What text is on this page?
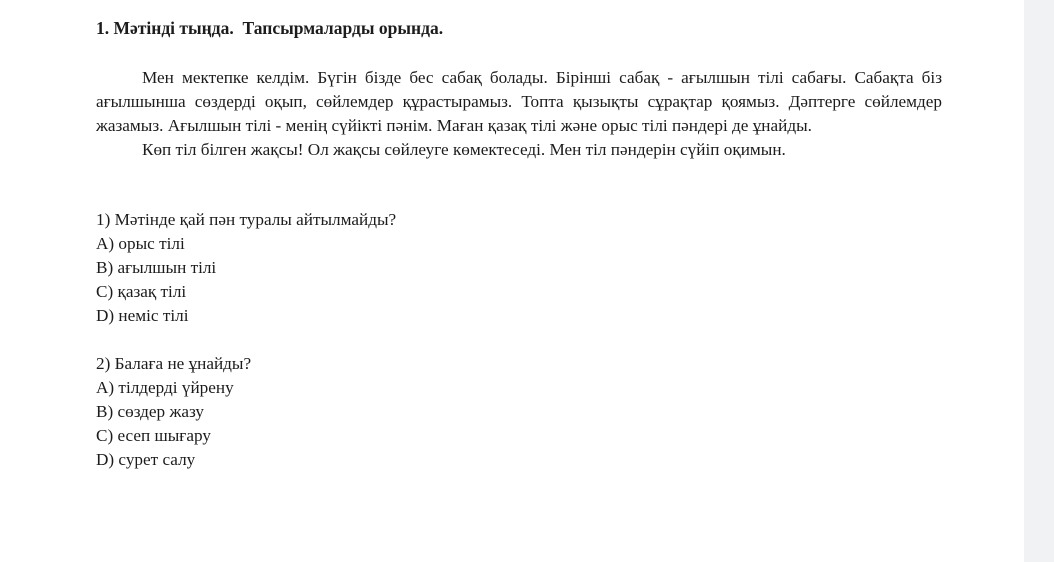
1. Мәтінді тыңда.  Тапсырмаларды орында.

Мен мектепке келдім. Бүгін бізде бес сабақ болады. Бірінші сабақ - ағылшын тілі сабағы. Сабақта біз ағылшынша сөздерді оқып, сөйлемдер құрастырамыз. Топта қызықты сұрақтар қоямыз. Дәптерге сөйлемдер жазамыз. Ағылшын тілі - менің сүйікті пәнім. Маған қазақ тілі және орыс тілі пәндері де ұнайды.

Көп тіл білген жақсы! Ол жақсы сөйлеуге көмектеседі. Мен тіл пәндерін сүйіп оқимын.

1) Мәтінде қай пән туралы айтылмайды?
А) орыс тілі
В) ағылшын тілі
С) қазақ тілі
D) неміс тілі
2) Балаға не ұнайды?
А) тілдерді үйрену
В) сөздер жазу
С) есеп шығару
D) сурет салу
